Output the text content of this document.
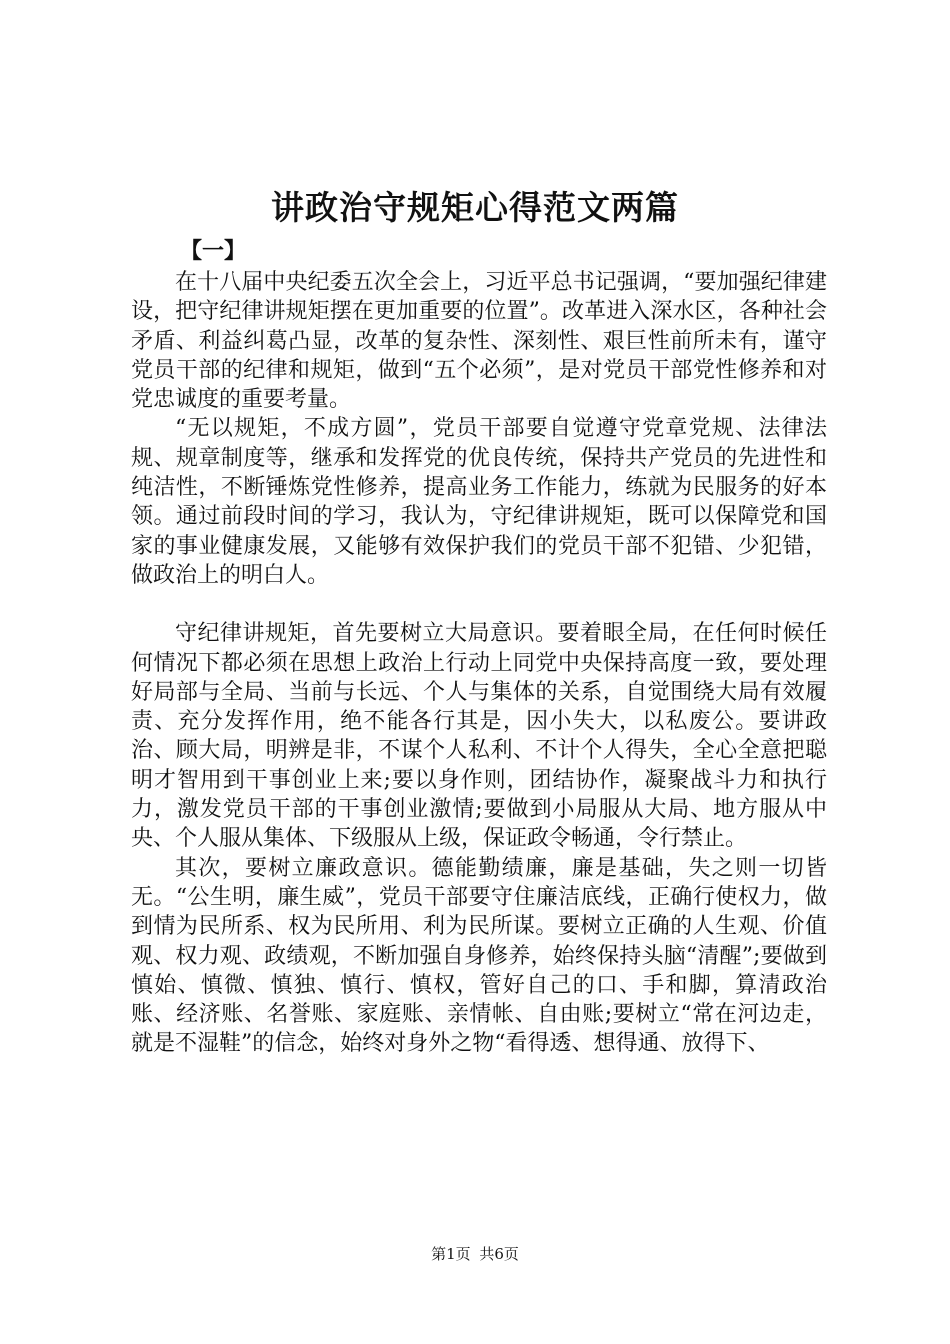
讲政治守规矩心得范文两篇
【一】

在十八届中央纪委五次全会上，习近平总书记强调，“要加强纪律建设，把守纪律讲规矩摆在更加重要的位置”。改革进入深水区，各种社会矛盾、利益纠葛凸显，改革的复杂性、深刻性、艰巨性前所未有，谨守党员干部的纪律和规矩，做到“五个必须”，是对党员干部党性修养和对党忠诚度的重要考量。

“无以规矩，不成方圆”，党员干部要自觉遵守党章党规、法律法规、规章制度等，继承和发挥党的优良传统，保持共产党员的先进性和纯洁性，不断锤炼党性修养，提高业务工作能力，练就为民服务的好本领。通过前段时间的学习，我认为，守纪律讲规矩，既可以保障党和国家的事业健康发展，又能够有效保护我们的党员干部不犯错、少犯错，做政治上的明白人。

守纪律讲规矩，首先要树立大局意识。要着眼全局，在任何时候任何情况下都必须在思想上政治上行动上同党中央保持高度一致，要处理好局部与全局、当前与长远、个人与集体的关系，自觉围绕大局有效履责、充分发挥作用，绝不能各行其是，因小失大，以私废公。要讲政治、顾大局，明辨是非，不谋个人私利、不计个人得失，全心全意把聪明才智用到干事创业上来;要以身作则，团结协作，凝聚战斗力和执行力，激发党员干部的干事创业激情;要做到小局服从大局、地方服从中央、个人服从集体、下级服从上级，保证政令畅通，令行禁止。

其次，要树立廉政意识。德能勤绩廉，廉是基础，失之则一切皆无。“公生明，廉生威”，党员干部要守住廉洁底线，正确行使权力，做到情为民所系、权为民所用、利为民所谋。要树立正确的人生观、价值观、权力观、政绩观，不断加强自身修养，始终保持头脑“清醒”;要做到慎始、慎微、慎独、慎行、慎权，管好自己的口、手和脚，算清政治账、经济账、名誉账、家庭账、亲情帐、自由账;要树立“常在河边走，就是不湿鞋”的信念，始终对身外之物“看得透、想得通、放得下、

第1页 共6页
